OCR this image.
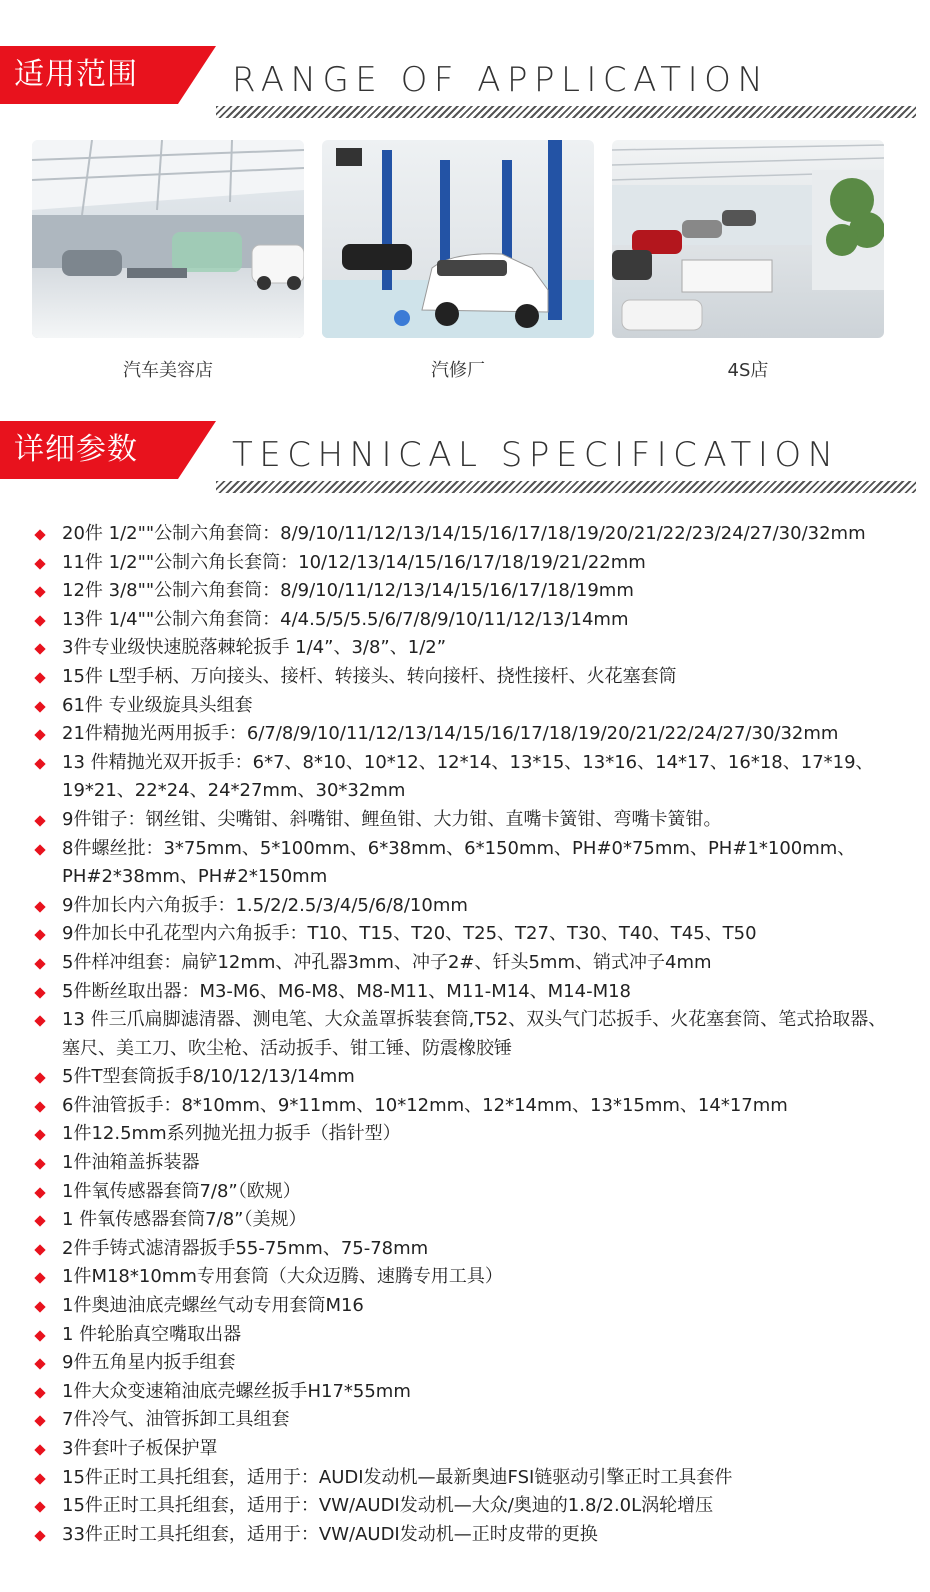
适用范围	RANGE OF APPLICATION
汽车美容店	汽修厂	4S店
详细参数	TECHNICAL SPECIFICATION
20件 1/2""公制六角套筒：8/9/10/11/12/13/14/15/16/17/18/19/20/21/22/23/24/27/30/32mm
11件 1/2""公制六角长套筒：10/12/13/14/15/16/17/18/19/21/22mm
12件 3/8""公制六角套筒：8/9/10/11/12/13/14/15/16/17/18/19mm
13件 1/4""公制六角套筒：4/4.5/5/5.5/6/7/8/9/10/11/12/13/14mm
3件专业级快速脱落棘轮扳手 1/4”、3/8”、1/2”
15件 L型手柄、万向接头、接杆、转接头、转向接杆、挠性接杆、火花塞套筒
61件 专业级旋具头组套
21件精抛光两用扳手：6/7/8/9/10/11/12/13/14/15/16/17/18/19/20/21/22/24/27/30/32mm
13 件精抛光双开扳手：6*7、8*10、10*12、12*14、13*15、13*16、14*17、16*18、17*19、19*21、22*24、24*27mm、30*32mm
9件钳子：钢丝钳、尖嘴钳、斜嘴钳、鲤鱼钳、大力钳、直嘴卡簧钳、弯嘴卡簧钳。
8件螺丝批：3*75mm、5*100mm、6*38mm、6*150mm、PH#0*75mm、PH#1*100mm、PH#2*38mm、PH#2*150mm
9件加长内六角扳手：1.5/2/2.5/3/4/5/6/8/10mm
9件加长中孔花型内六角扳手：T10、T15、T20、T25、T27、T30、T40、T45、T50
5件样冲组套：扁铲12mm、冲孔器3mm、冲子2#、钎头5mm、销式冲子4mm
5件断丝取出器：M3-M6、M6-M8、M8-M11、M11-M14、M14-M18
13 件三爪扁脚滤清器、测电笔、大众盖罩拆装套筒,T52、双头气门芯扳手、火花塞套筒、笔式拾取器、塞尺、美工刀、吹尘枪、活动扳手、钳工锤、防震橡胶锤
5件T型套筒扳手8/10/12/13/14mm
6件油管扳手：8*10mm、9*11mm、10*12mm、12*14mm、13*15mm、14*17mm
1件12.5mm系列抛光扭力扳手（指针型）
1件油箱盖拆装器
1件氧传感器套筒7/8”（欧规）
1 件氧传感器套筒7/8”（美规）
2件手铸式滤清器扳手55-75mm、75-78mm
1件M18*10mm专用套筒（大众迈腾、速腾专用工具）
1件奥迪油底壳螺丝气动专用套筒M16
1 件轮胎真空嘴取出器
9件五角星内扳手组套
1件大众变速箱油底壳螺丝扳手H17*55mm
7件冷气、油管拆卸工具组套
3件套叶子板保护罩
15件正时工具托组套，适用于：AUDI发动机—最新奥迪FSI链驱动引擎正时工具套件
15件正时工具托组套，适用于：VW/AUDI发动机—大众/奥迪的1.8/2.0L涡轮增压
33件正时工具托组套，适用于：VW/AUDI发动机—正时皮带的更换
